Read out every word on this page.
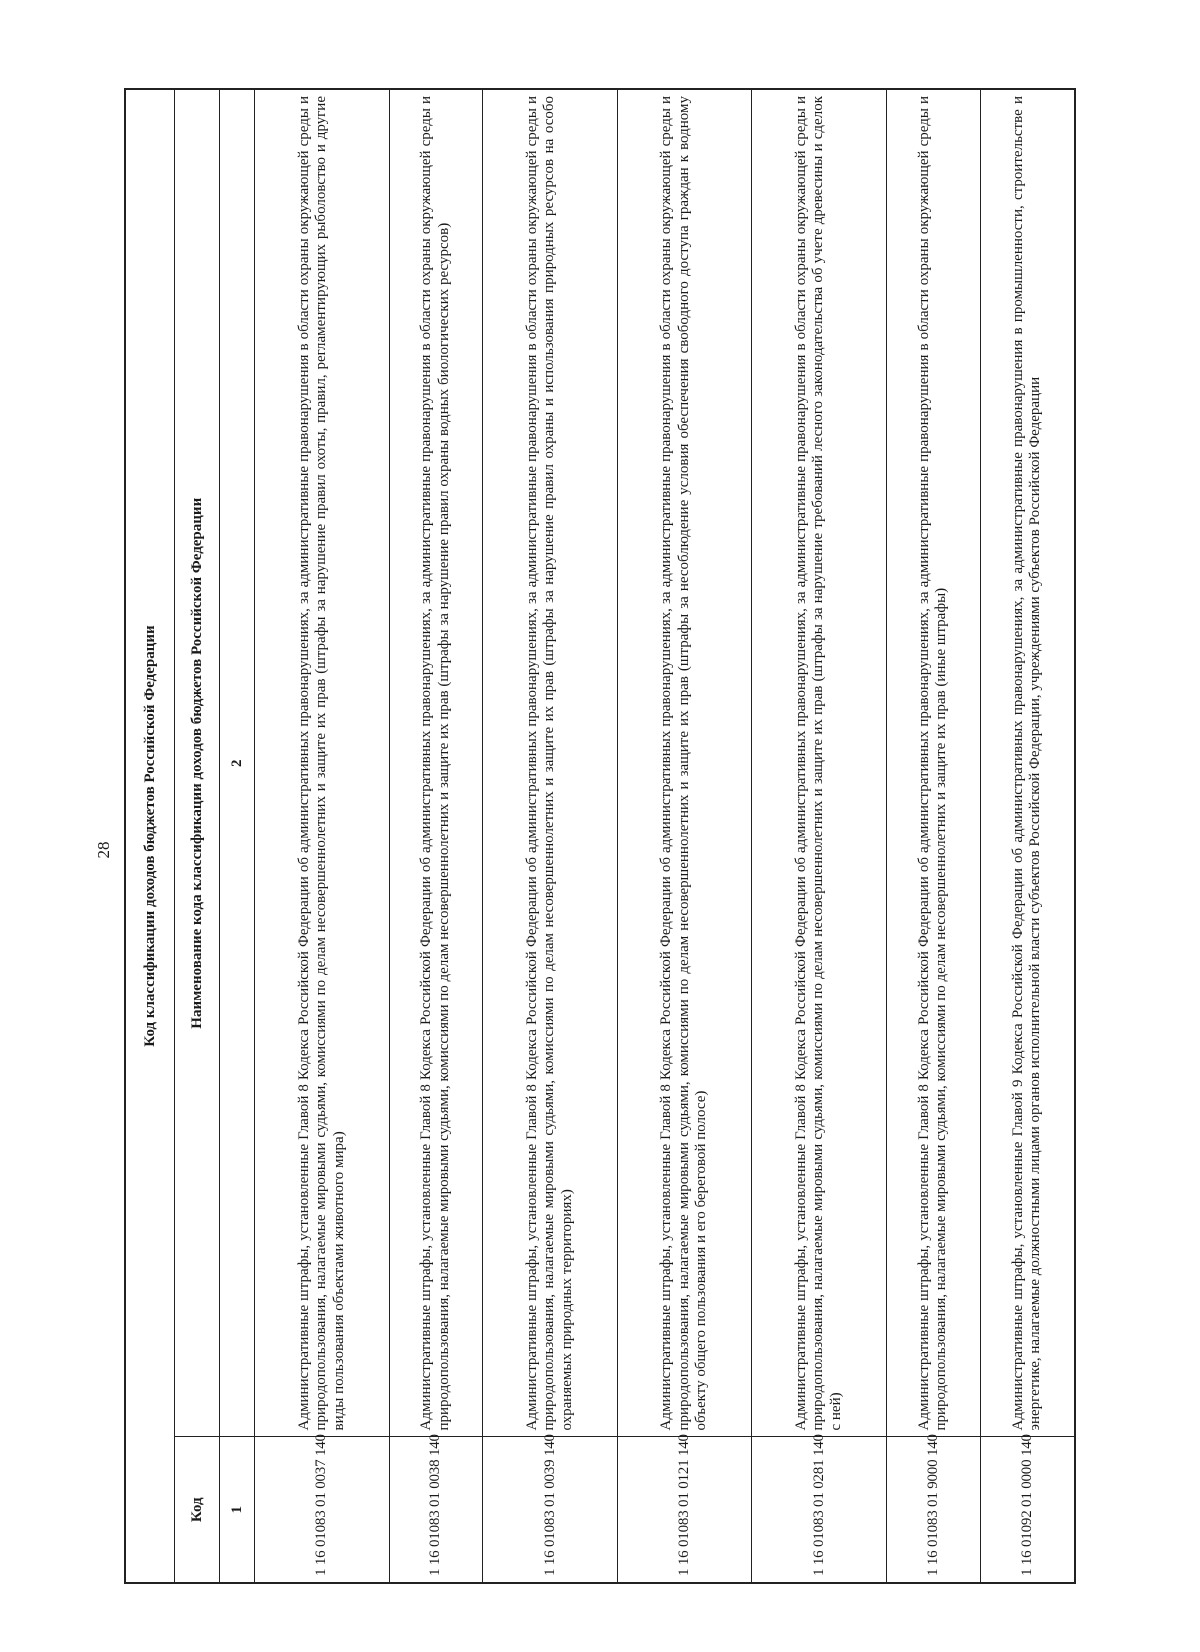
28 Код классификации доходов бюджетов Российской Федерации	
Код	Наименование кода классификации доходов бюджетов Российской Федерации
1	2
1 16 01083 01 0037 140	Административные штрафы, установленные Главой 8 Кодекса Российской Федерации об административных правонарушениях, за административные правонарушения в области охраны окружающей среды и природопользования, налагаемые мировыми судьями, комиссиями по делам несовершеннолетних и защите их прав (штрафы за нарушение правил охоты, правил, регламентирующих рыболовство и другие виды пользования объектами животного мира)
1 16 01083 01 0038 140	Административные штрафы, установленные Главой 8 Кодекса Российской Федерации об административных правонарушениях, за административные правонарушения в области охраны окружающей среды и природопользования, налагаемые мировыми судьями, комиссиями по делам несовершеннолетних и защите их прав (штрафы за нарушение правил охраны водных биологических ресурсов)
1 16 01083 01 0039 140	Административные штрафы, установленные Главой 8 Кодекса Российской Федерации об административных правонарушениях, за административные правонарушения в области охраны окружающей среды и природопользования, налагаемые мировыми судьями, комиссиями по делам несовершеннолетних и защите их прав (штрафы за нарушение правил охраны и использования природных ресурсов на особо охраняемых природных территориях)
1 16 01083 01 0121 140	Административные штрафы, установленные Главой 8 Кодекса Российской Федерации об административных правонарушениях, за административные правонарушения в области охраны окружающей среды и природопользования, налагаемые мировыми судьями, комиссиями по делам несовершеннолетних и защите их прав (штрафы за несоблюдение условия обеспечения свободного доступа граждан к водному объекту общего пользования и его береговой полосе)
1 16 01083 01 0281 140	Административные штрафы, установленные Главой 8 Кодекса Российской Федерации об административных правонарушениях, за административные правонарушения в области охраны окружающей среды и природопользования, налагаемые мировыми судьями, комиссиями по делам несовершеннолетних и защите их прав (штрафы за нарушение требований лесного законодательства об учете древесины и сделок с ней)
1 16 01083 01 9000 140	Административные штрафы, установленные Главой 8 Кодекса Российской Федерации об административных правонарушениях, за административные правонарушения в области охраны окружающей среды и природопользования, налагаемые мировыми судьями, комиссиями по делам несовершеннолетних и защите их прав (иные штрафы)
1 16 01092 01 0000 140	Административные штрафы, установленные Главой 9 Кодекса Российской Федерации об административных правонарушениях, за административные правонарушения в промышленности, строительстве и энергетике, налагаемые должностными лицами органов исполнительной власти субъектов Российской Федерации, учреждениями субъектов Российской Федерации
